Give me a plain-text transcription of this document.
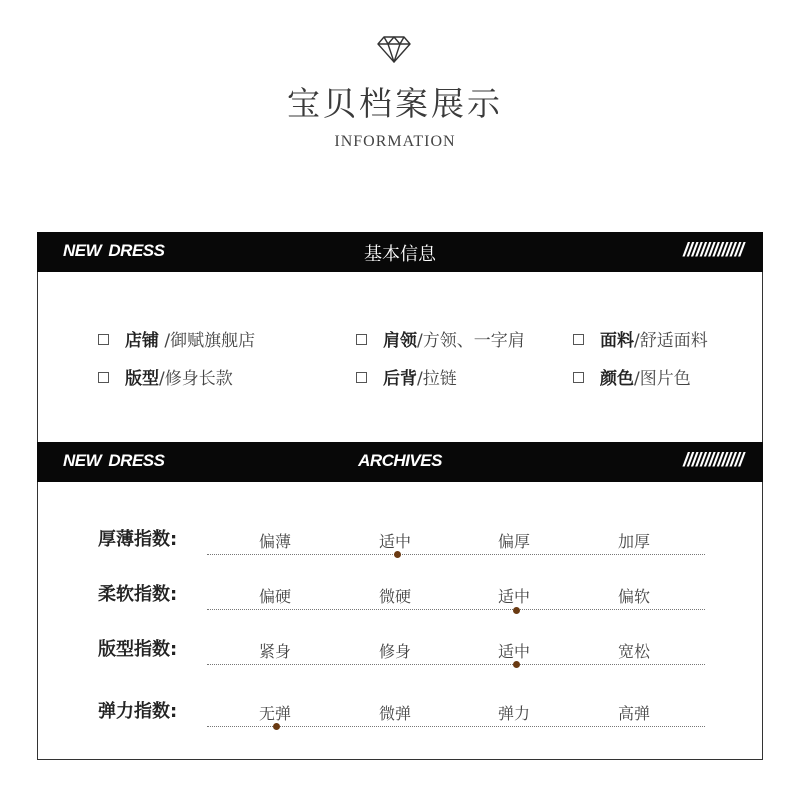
宝贝档案展示
INFORMATION
NEW DRESS	基本信息	//////////////
店铺 /御赋旗舰店	肩领/方领、一字肩	面料/舒适面料
版型/修身长款	后背/拉链	颜色/图片色
NEW DRESS	ARCHIVES	//////////////
厚薄指数:	偏薄	适中	偏厚	加厚
柔软指数:	偏硬	微硬	适中	偏软
版型指数:	紧身	修身	适中	宽松
弹力指数:	无弹	微弹	弹力	高弹
